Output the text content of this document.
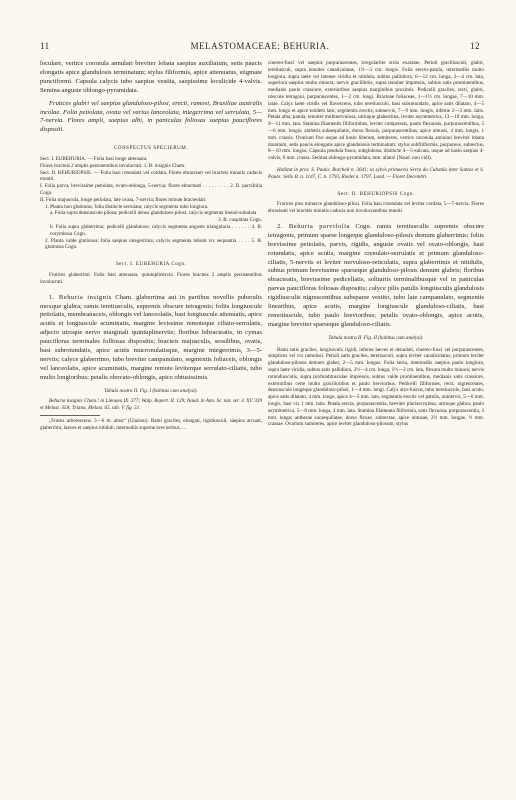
11	MELASTOMACEAE: BEHURIA.	12

loculare, vertice coronula annulari breviter lobata saepius auxiliatum, setis paucis elongatis apice glandulosis terminatum; stylus filiformis, apice attenuatus, stigmate punctiformi. Capsula calycis tubo saepius vestita, saepissime loculicide 4-valvis. Semina anguste oblongo-pyramidata.

Frutices glabri vel saepius glanduloso-pilosi, erecti, ramosi, Brasiliae australis incolae. Folia petiolata, ovata vel varius lanceolata, integerrima vel serrulata, 5—7-nervia. Flores ampli, saepius albi, in paniculas foliosas saepius pauciflores dispositi.

CONSPECTUS SPECIERUM.

Sect. I. EUBEHURIA. — Folia basi longe attenuata.

Flores bracteis 2 amplis persistentibus involucrati. 1. B. insignis Cham.

Sect. II. BEHURIOPSIS. — Folia basi rotundata vel cordata. Flores ebracteati vel bracteis minutis caducis muniti.

I. Folia parva, brevissime petiolata, ovato-oblonga, 5-nervia; flores ebracteati . . . . . . . . . 2. B. parvifolia Cogn.

II. Folia majuscula, longe petiolata, late ovata, 7-nervia; flores minute bracteolati.

1. Planta non glutinosa; folia distincte serrulata; calycis segmenta tubo longiora.

a. Folia supra densiuscule pilosa; pedicelli denso glanduloso-pilosi; calycis segmenta lineari-subulata

3. B. cuspidata Cogn.

b. Folia supra glaberrima; pedicelli glanduloso; calycis segmenta anguste triangularia . . . . . . 4. B. corymbosa Cogn.

2. Planta valde glutinosa; folia saepius integerrima; calycis segmenta tubum vix sequantia . . . . 5. B. glutinosa Cogn.

Sect. I. EUBEHURIA Cogn.

Frutices glaberrimi. Folia basi attenuata, quintuplinervia. Flores bracteis 2 amplis persistentibus involucrati.

1. Behuria insignis Cham. glaberrima aut in partibus novellis puberulis moxque glabra; ramis teretiusculis, supremis obscure tetragonis; foliis longiuscule petiolatis, membranaceis, oblongis vel lanceolatis, basi longiuscule attenuatis, apice acutis et longiuscule acuminatis, margine levissime remoteque ciliato-serrulatis, adjecto utroque nervo marginali quintuplinerviis; floribus bibracteatis, in cymas paucifloras terminales folliosas dispositis; bracteis majusculis, sessilibus, ovatis, basi subrotundatis, apice acutis mucronulatisque, margine integerrimis, 3—5-nerviis; calyce glaberrimo, tubo breviter campanulato, segmentis foliaceis, oblongis vel lanceolatis, apice acuminatis, margine remote leviterque serrulato-ciliatis, tubo multo longioribus; petalis obovato-oblongis, apice obtusissimis.

Tabula nostra II. Fig. I (habitus cum analysi).

Behuria insignis Cham.! in Linnaea IX. 377; Walp. Repert. II. 129; Naud. in Ann. Sc. nat. ser. 3. XV. 339 et Melast. 358; Triana, Melast. 65. tab. V. fig. 51.

„Frutex arborescens. 5—6 m. altus“ (Glaziou). Rami graciles, elongati, rigidiusculi, saepius arcuati, glaberrimi, laeves et saepius nitiduli, internodiis superne brevioribus, ...

cinereo-fusci vel saepius purpurascentes, irregulariter striis exaratae. Petioli graciliusculi, glabri, teretiusculi, supra tenuiter canaliculatae, 1½—3 cm. longis. Folia erecto-patula, intermediis multo longiora, supra laete vel intense viridia et nitidula, subtus pallidiora, 6—12 cm. longa, 2—4 cm. lata, superiora saepius multo minora; nervis gracillimis, supra tenuiter impressis, subtus satis prominentibus, medianis paulo crassiore, exterioribus saepius marginibus proximis. Pedicelli graciles, recti, glabri, obscure tetragoni, purpurascentes, 1—2 cm. longi. Bracteae foliaceae, 1—1½ cm. longae, 7—10 mm. latae. Calyx laete viridis vel flavescens, tubo teretiusculo, basi subrotundato, apice satis dilatato, 4—5 mm. longo et apice totidem lato; segmentis erectis, subnervis, 7—9 mm. longis, inferne 2—3 mm. latis. Petala alba, patula, tenuiter multinervulosa, utrinque glaberrima, leviter asymmetrica, 13—18 mm. longa, 9—11 mm. lata. Stamina filamentis filiformibus, leviter compressis, paulo flexuosis, purpurascentibus, 5—6 mm. longis; antheris subaequilatis, dorso flexuis, purpurascentibus, apice obtusis, 4 mm. longis, 1 mm. crassis. Ovarium five usque ad basin liberum, semiteres, vertice coronula annulari breviter lobata munitum, setis paucis elongatis apice glandulosis terminatum; stylus subfiliformis, purpureus, subrectus, 8—10 mm. longus. Capsula pendula fusca, subglobosa, distincte 4—5-sulcata, usque ad basin saepius 4-valvis, 6 mm. crassa. Semina oblongo-pyramidata, mm. aliata! (Naud. non vidi).

Habitat in prov. S. Paulo: Burchell n. 3641; in sylvis primaevis Serra do Cubatão inter Santos et S. Paulo: Sello B. n. 1147, C. n. 1793, Riedel n. 1797, Lund. — Floret Decembri.

Sect. II. BEHURIOPSIS Cogn.

Frutices plus minusve glanduloso-pilosi. Folia basi rotundata vel leviter cordata, 5—7-nervia. Flores ebracteati vel bracteis minutis caducis non involucrantibus muniti.

2. Behuria parvifolia Cogn. ramis teretiusculis supremis obscure tetragonis, primum sparse longeque glanduloso-pilosis demum glaberrimis; foliis brevissime petiolatis, parvis, rigidis, anguste ovatis vel ovato-oblongis, basi rotundatis, apice acutis, margine crenulato-serrulatis et primum glanduloso-ciliatis, 5-nerviis et leviter nervuloso-reticulatis, supra glaberrimis et nitidulis, subtus primum breviusime sparseque glanduloso-pilosis demum glabris; floribus ebracteatis, breviusime pedicellatis, solitariis terminalibusque vel in paniculas parvas paucifloras foliosas dispositis; calyce pilis patulis longiusculis glandulosis rigidiusculis nigrescentibus subsparse vestito, tubo late campanulato, segmentis linearibus, apice acutis, margine longiuscule glanduloso-ciliatis, basi remotiuscule, tubo paulo brevioribus; petalis ovato-oblongis, apice acutis, margine breviter sparseque glanduloso-ciliatis.

Tabula nostra II. Fig. II (habitus cum analysi).

Rami satis graciles, longiusculi, rigidi, inferne laeves et denudati, cinereo-fusci vel purpurascentes, simplices vel vix ramulosi. Petioli satis graciles, teretiusculi, supra leviter canaliculatus, primum leviter glanduloso-pilosus demum glaber, 2—5 mm. longus. Folia secta, internodiis saepius paulo longiora, supra laete viridia, subtus satis pallidiora, 2½—4 cm. longa, 1½—2 cm. lata, flexura multo minora; nervis rotundiusculis, supra profunditusculae impressis, subtus valde prominentibus, medianis satis crassiore, exterioribus certe multo gracilioribus et paulo breviorbus. Pedicelli filiformes, recti, nigrescentes, densiuscule longeque glanduloso-pilosi, 1—4 mm. longi. Calyx atro-fuscus, tubo teretiusculo, basi acuto, apice satis dilatato, 4 mm. longo, apice 4—5 mm. lato, segmentis erectis vel patulis, uninervis, 5—6 mm. longis, basi vix 1 mm. latis. Petala erecta, purpurascentia, breviter pluriservulosa, utrinque glabra, paulo asymmetrica, 5—8 mm. longa, 4 mm. lata. Stamina filamenta filiformia, satis flexuosa, purpurascentia, 3 mm. longa; antherae sucaequilatae, dorso flexae, subrectae, apice obtusae, 2½ mm. longae, ½ mm. crassae. Ovarium sumiteres, apice leviter glanduloso-pilosum; stylus
